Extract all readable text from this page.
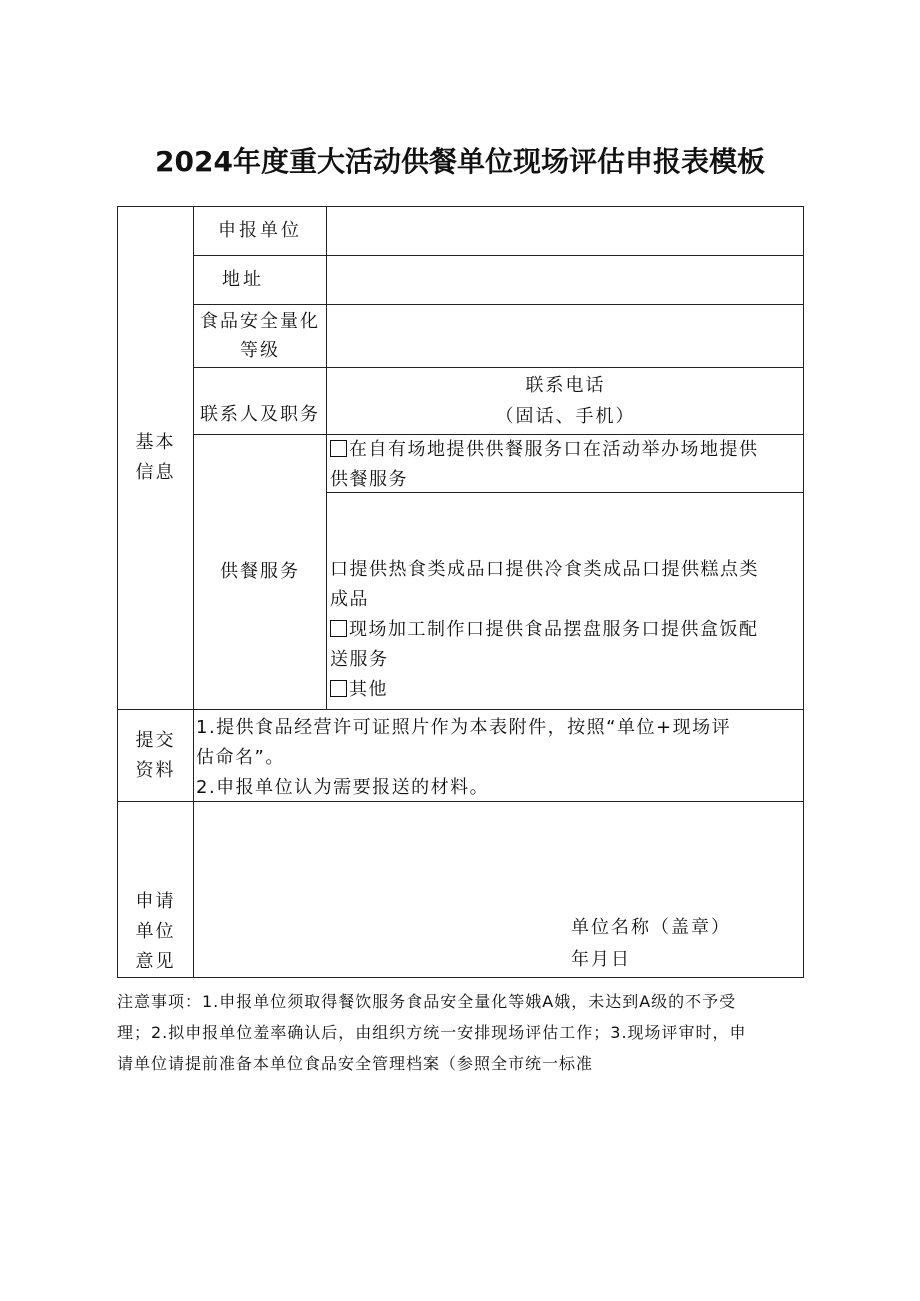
2024年度重大活动供餐单位现场评估申报表模板
基本
信息
申报单位
地址
食品安全量化
等级
联系人及职务
联系电话
（固话、手机）
供餐服务
在自有场地提供供餐服务口在活动举办场地提供
供餐服务
口提供热食类成品口提供冷食类成品口提供糕点类
成品
现场加工制作口提供食品摆盘服务口提供盒饭配
送服务
其他
提交
资料
1.提供食品经营许可证照片作为本表附件，按照“单位+现场评
估命名”。
2.申报单位认为需要报送的材料。
申请
单位
意见
单位名称（盖章）
年月日
注意事项：1.申报单位须取得餐饮服务食品安全量化等娥A娥，未达到A级的不予受
理；2.拟申报单位羞率确认后，由组织方统一安排现场评估工作；3.现场评审时，申
请单位请提前准备本单位食品安全管理档案（参照全市统一标准
